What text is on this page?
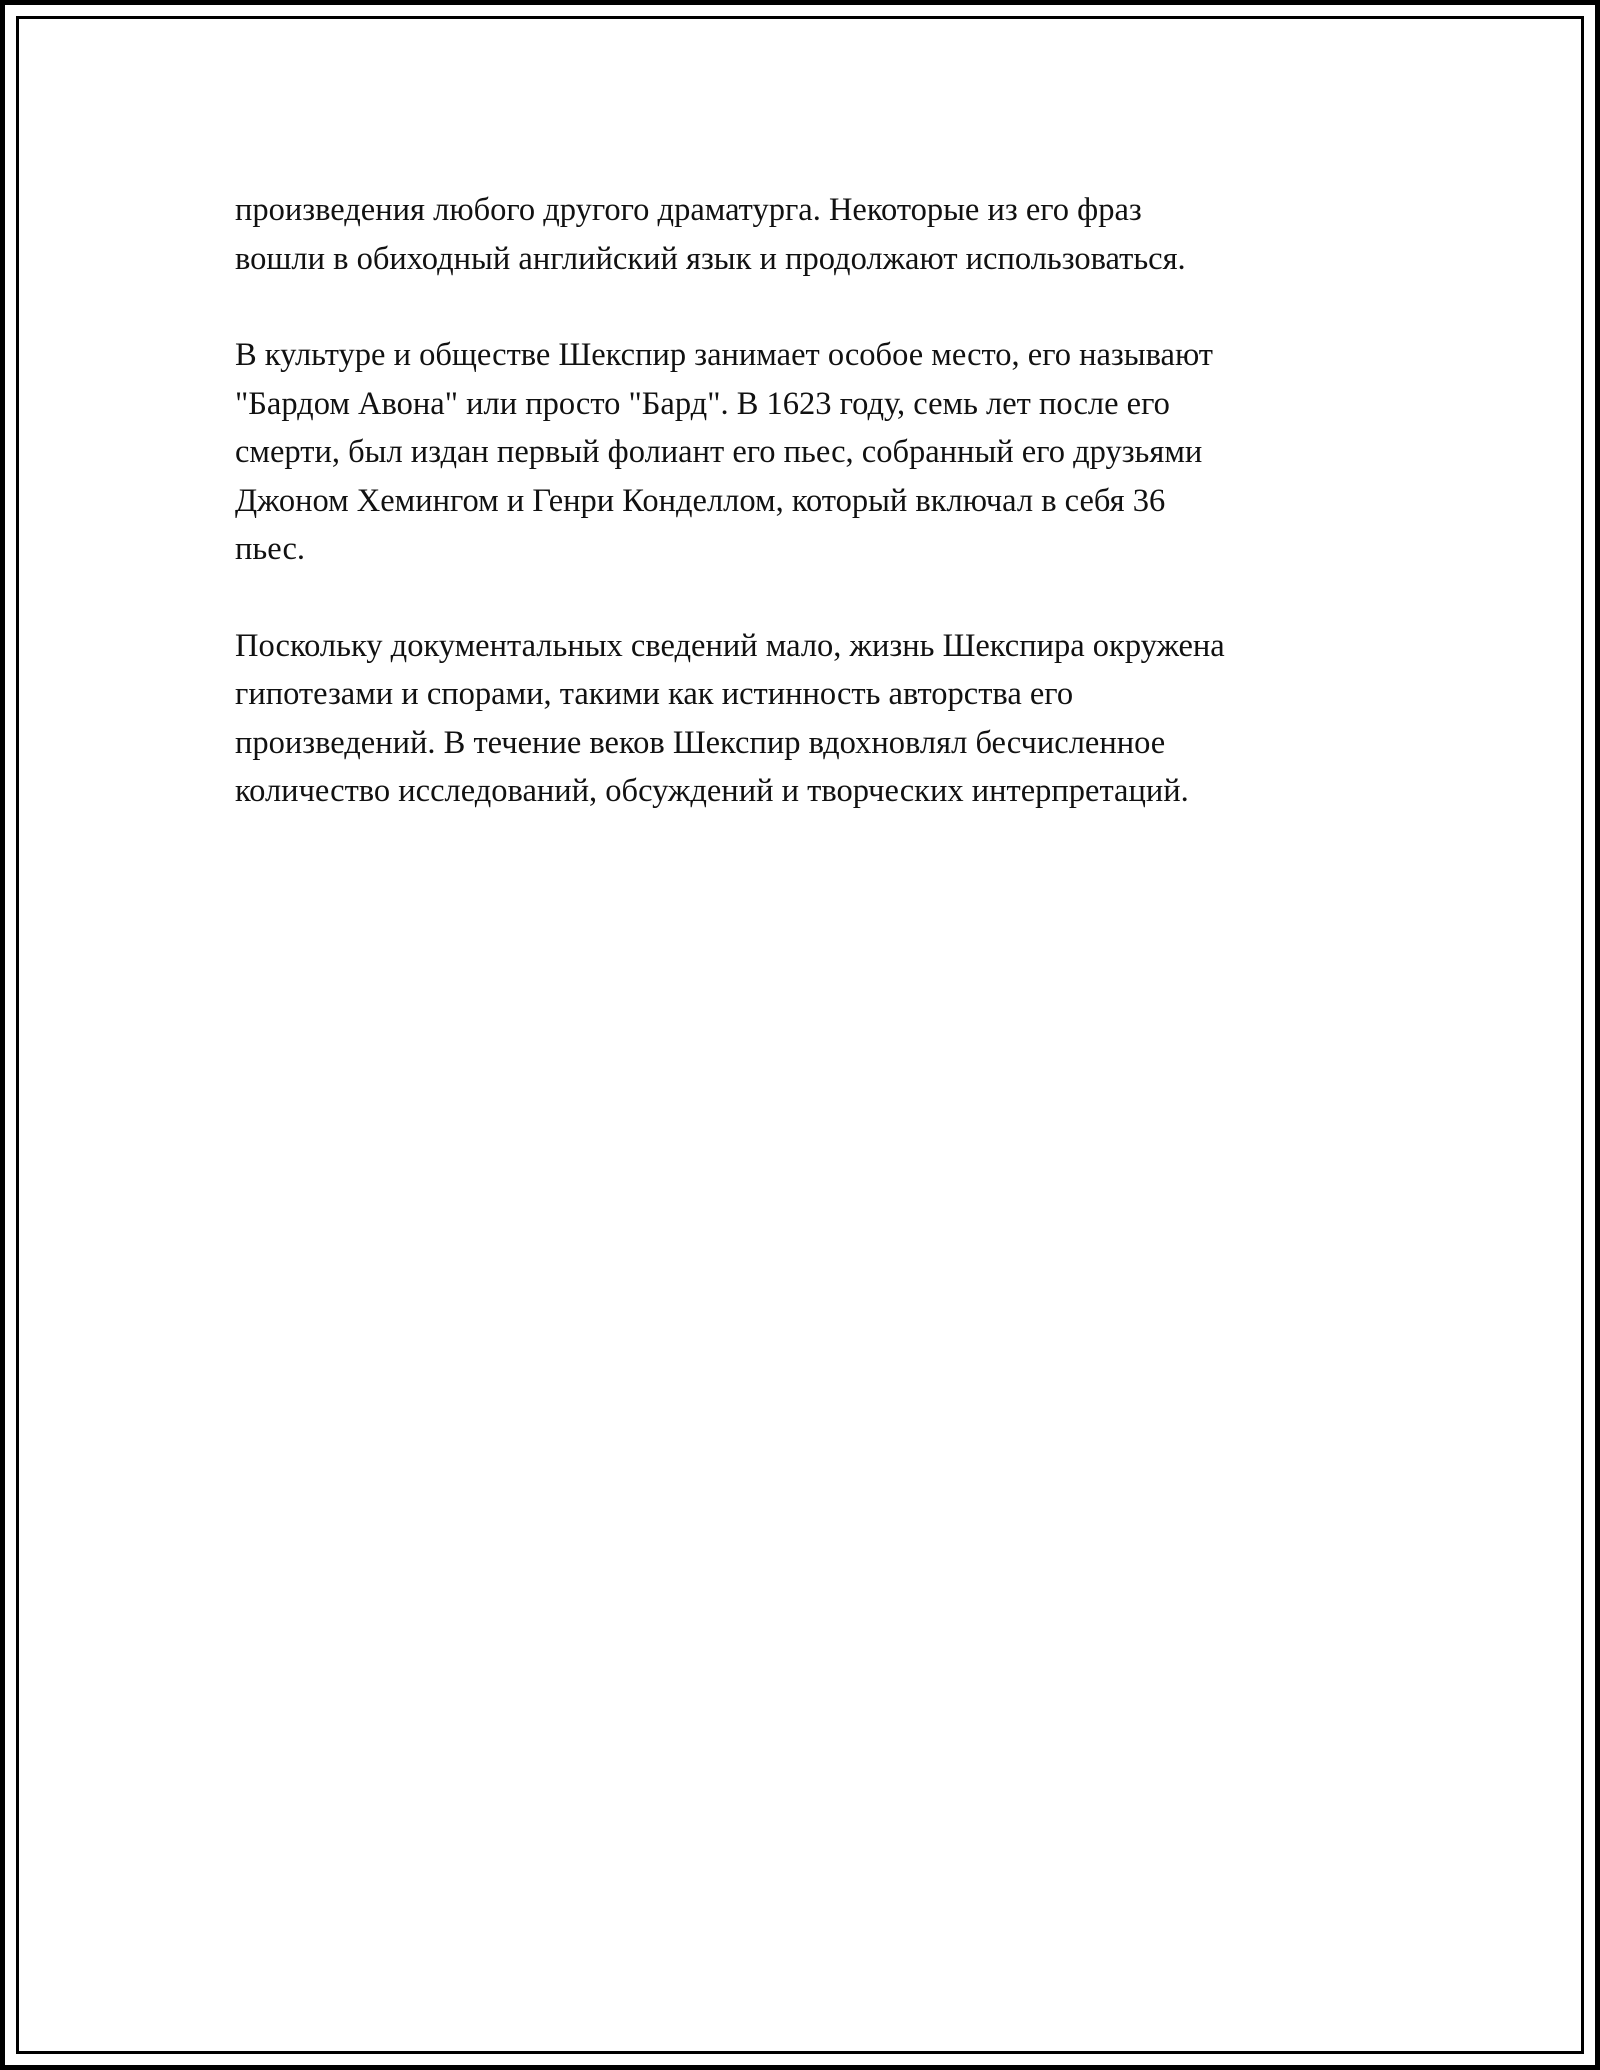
произведения любого другого драматурга. Некоторые из его фраз
вошли в обиходный английский язык и продолжают использоваться.

В культуре и обществе Шекспир занимает особое место, его называют
"Бардом Авона" или просто "Бард". В 1623 году, семь лет после его
смерти, был издан первый фолиант его пьес, собранный его друзьями
Джоном Хемингом и Генри Конделлом, который включал в себя 36
пьес.

Поскольку документальных сведений мало, жизнь Шекспира окружена
гипотезами и спорами, такими как истинность авторства его
произведений. В течение веков Шекспир вдохновлял бесчисленное
количество исследований, обсуждений и творческих интерпретаций.
